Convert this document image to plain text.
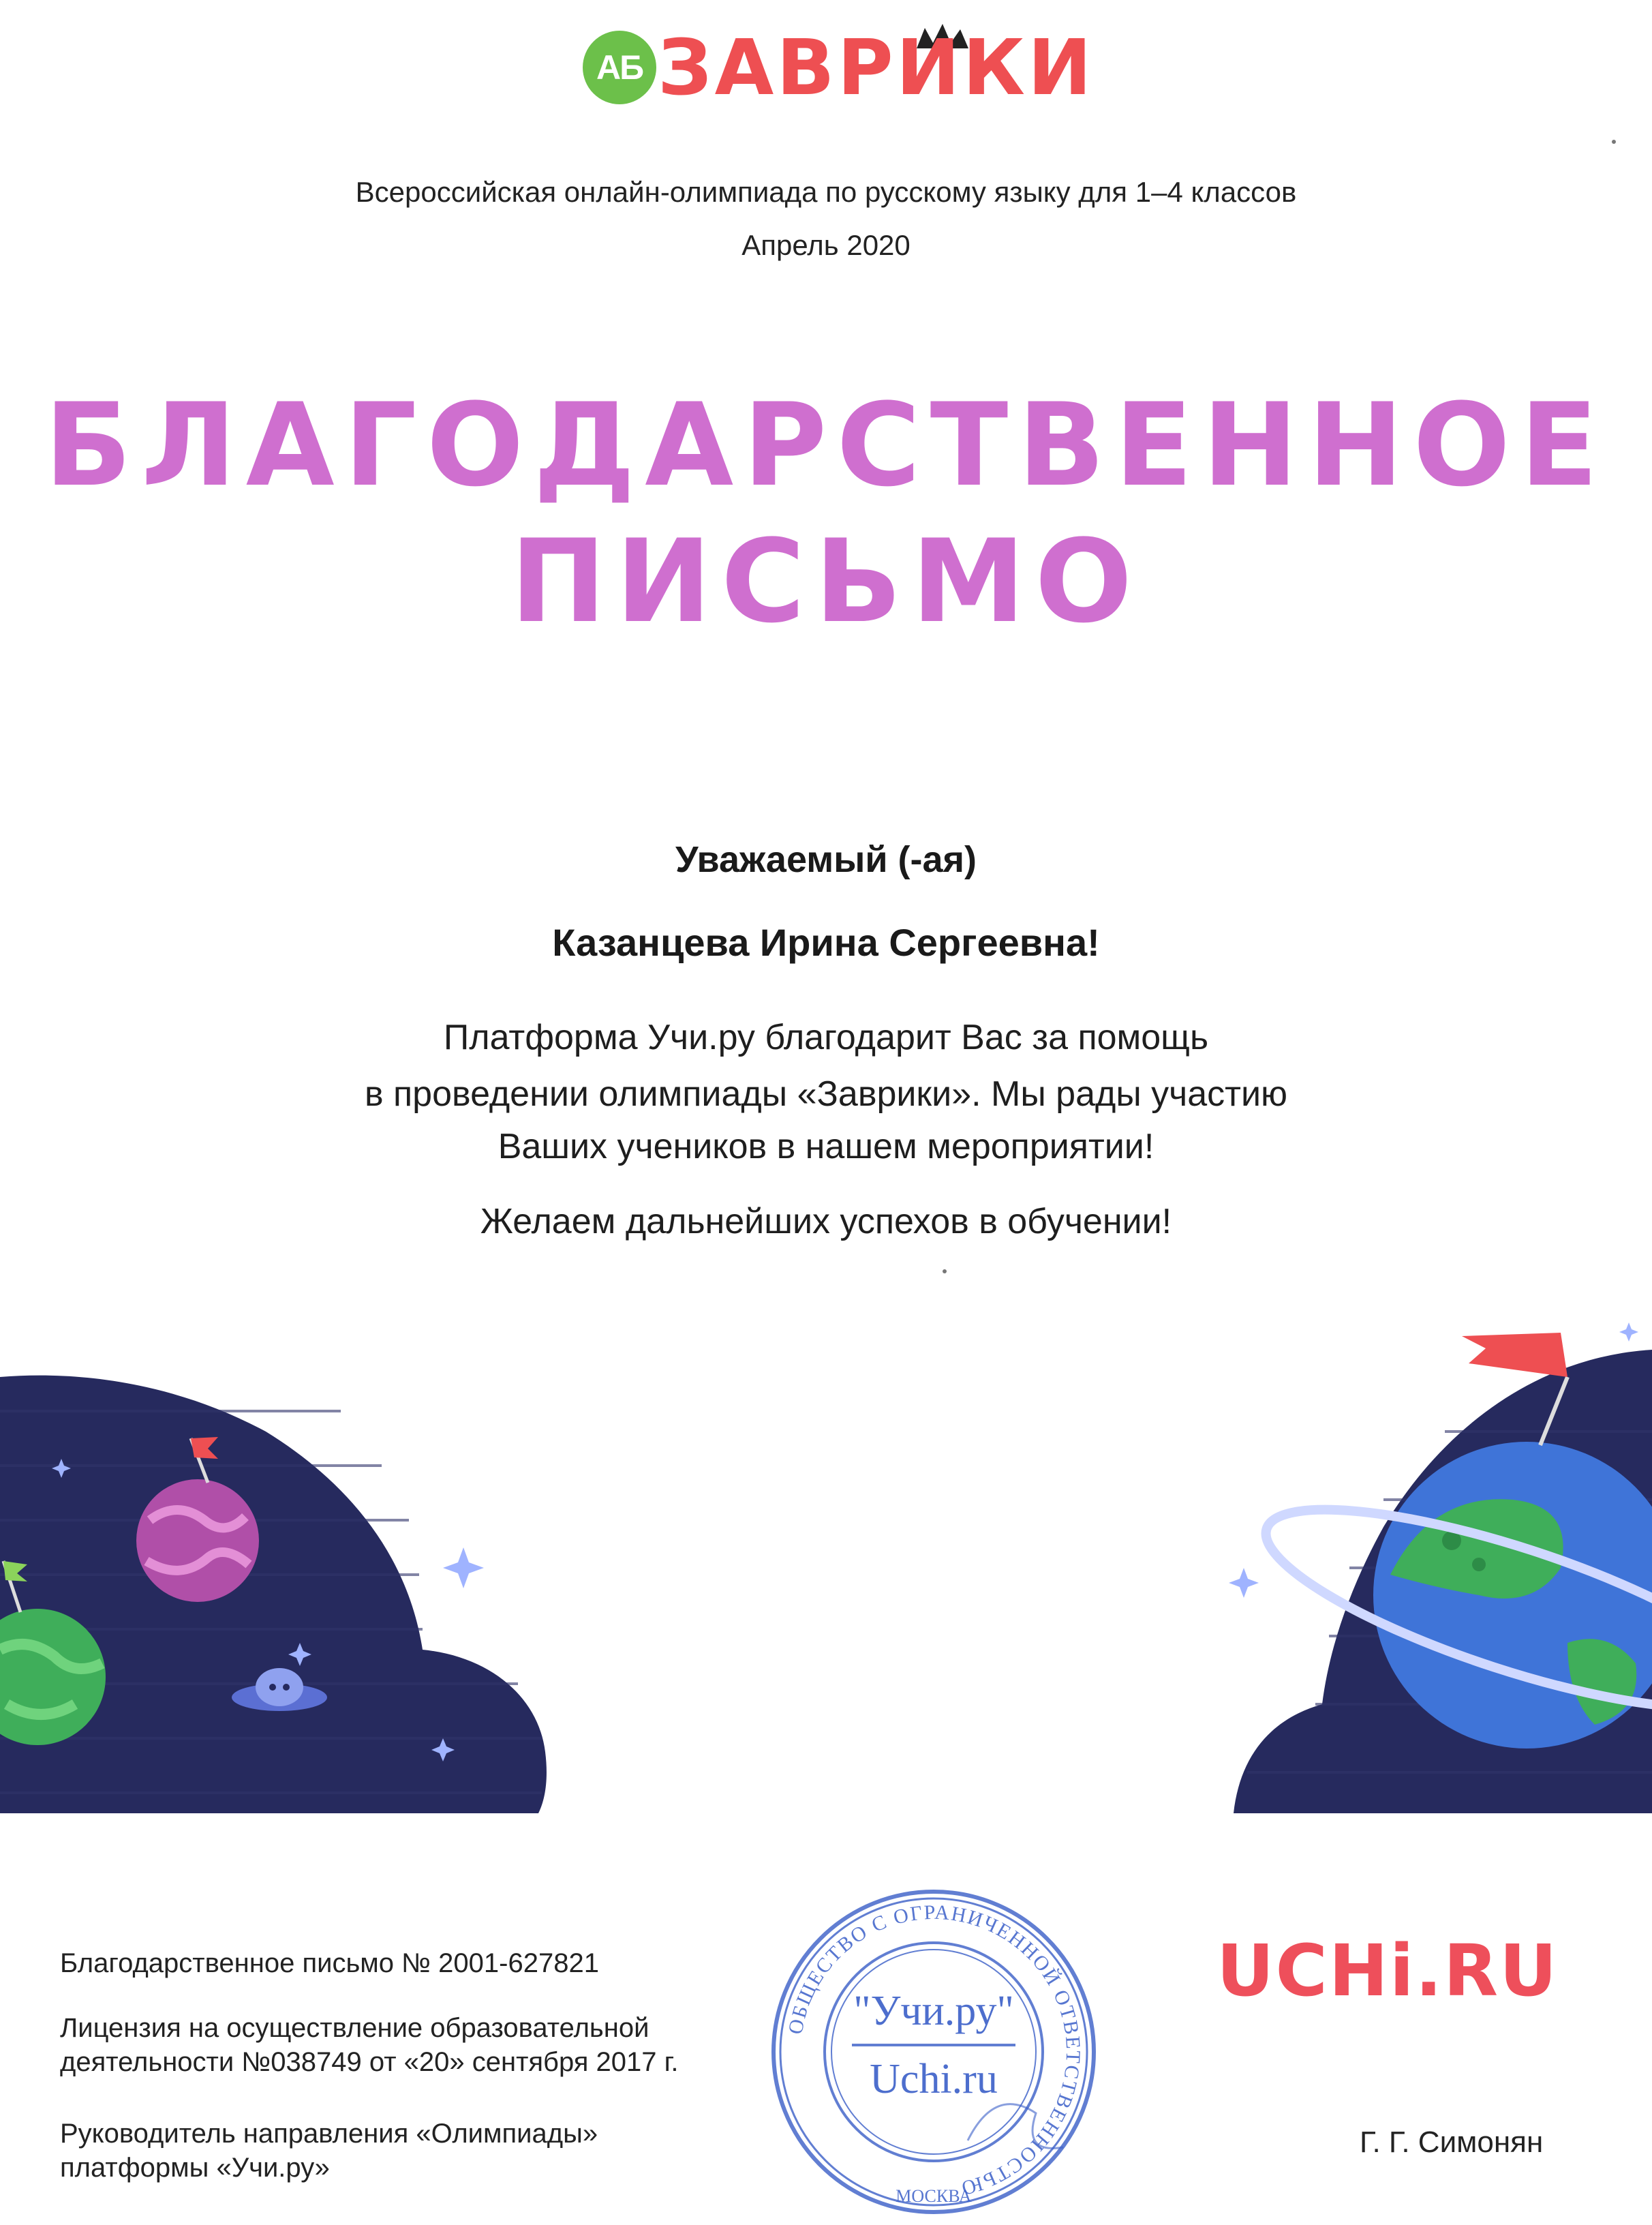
АБ ЗАВРИКИ
Всероссийская онлайн-олимпиада по русскому языку для 1–4 классов
Апрель 2020
БЛАГОДАРСТВЕННОЕ
ПИСЬМО
Уважаемый (-ая)
Казанцева Ирина Сергеевна!
Платформа Учи.ру благодарит Вас за помощь
в проведении олимпиады «Заврики». Мы рады участию
Ваших учеников в нашем мероприятии!
Желаем дальнейших успехов в обучении!
Благодарственное письмо № 2001-627821
Лицензия на осуществление образовательной
деятельности №038749 от «20» сентября 2017 г.
Руководитель направления «Олимпиады»
платформы «Учи.ру»
ОБЩЕСТВО С ОГРАНИЧЕННОЙ ОТВЕТСТВЕННОСТЬЮ
"Учи.ру"
Uchi.ru
МОСКВА
UCHi.RU
Г. Г. Симонян
